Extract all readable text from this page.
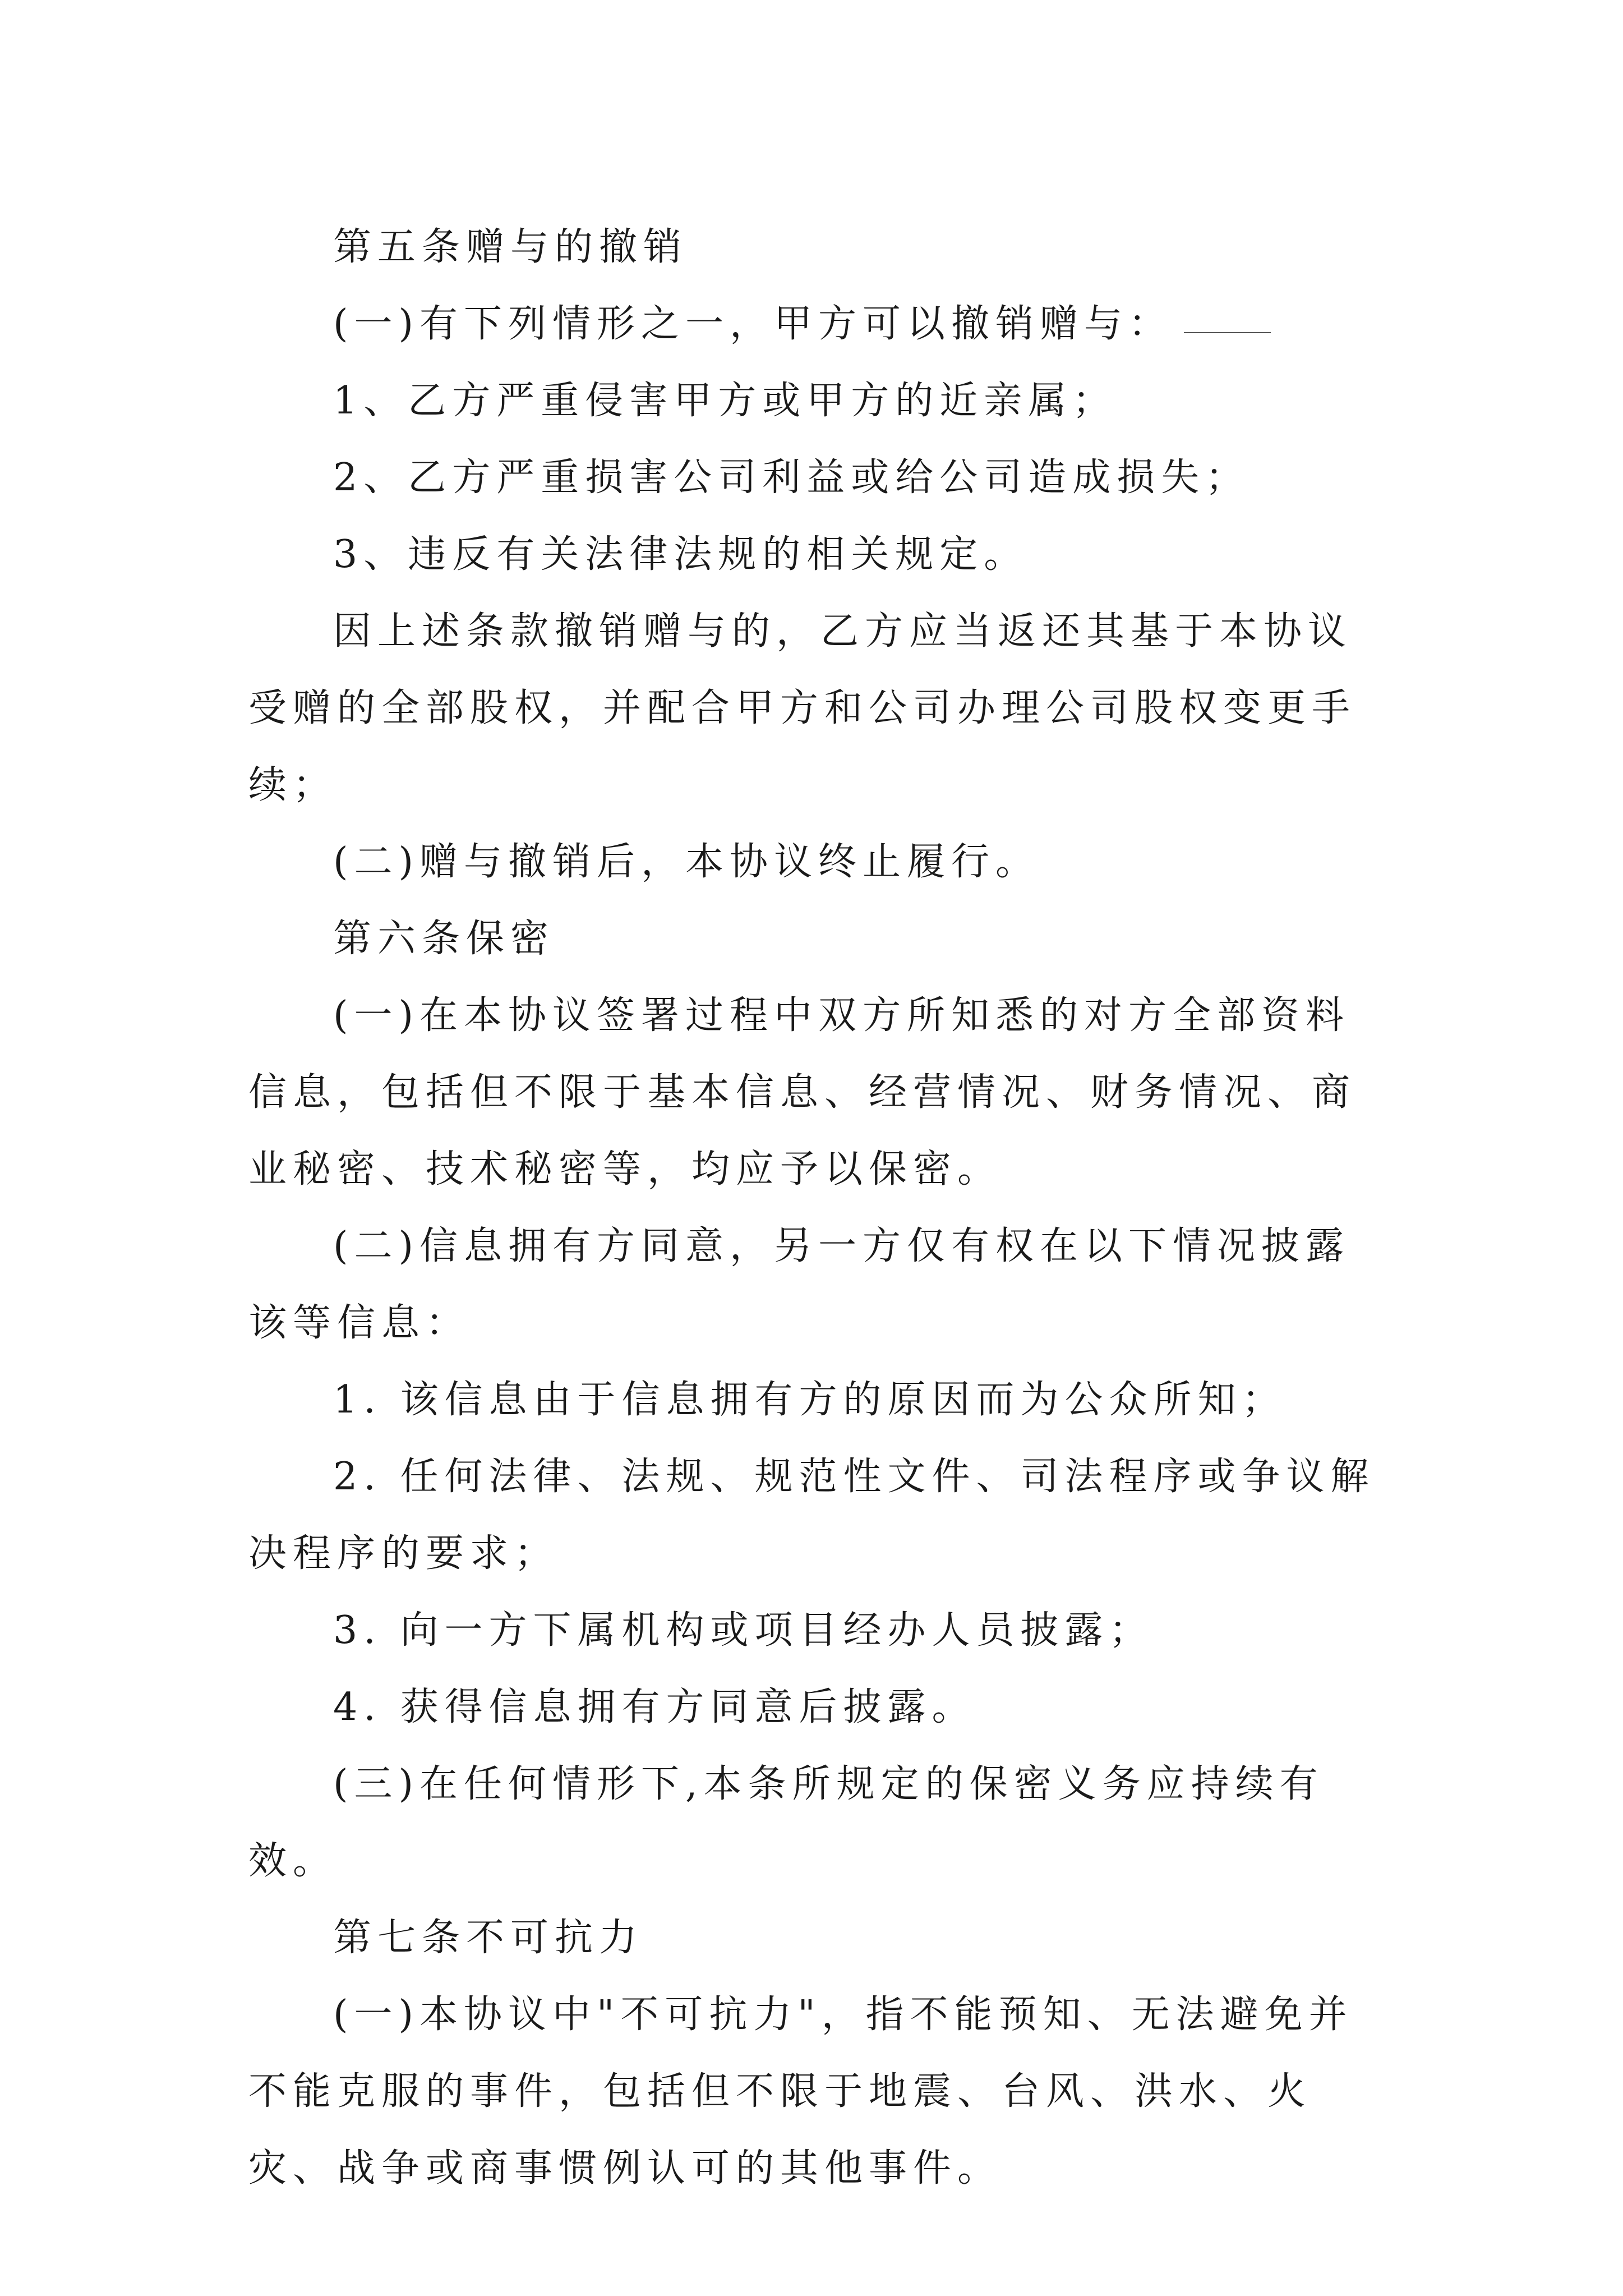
第五条赠与的撤销

(一)有下列情形之一，甲方可以撤销赠与：

1、乙方严重侵害甲方或甲方的近亲属；

2、乙方严重损害公司利益或给公司造成损失；

3、违反有关法律法规的相关规定。

因上述条款撤销赠与的，乙方应当返还其基于本协议受赠的全部股权，并配合甲方和公司办理公司股权变更手续；

(二)赠与撤销后，本协议终止履行。

第六条保密

(一)在本协议签署过程中双方所知悉的对方全部资料信息，包括但不限于基本信息、经营情况、财务情况、商业秘密、技术秘密等，均应予以保密。

(二)信息拥有方同意，另一方仅有权在以下情况披露该等信息：

1. 该信息由于信息拥有方的原因而为公众所知；

2. 任何法律、法规、规范性文件、司法程序或争议解决程序的要求；

3. 向一方下属机构或项目经办人员披露；

4. 获得信息拥有方同意后披露。

(三)在任何情形下,本条所规定的保密义务应持续有效。

第七条不可抗力

(一)本协议中"不可抗力"，指不能预知、无法避免并不能克服的事件，包括但不限于地震、台风、洪水、火灾、战争或商事惯例认可的其他事件。
